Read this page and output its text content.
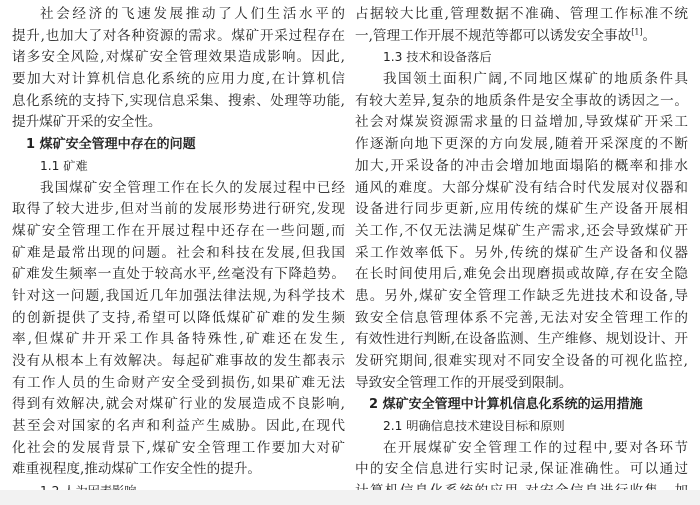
社会经济的飞速发展推动了人们生活水平的
提升,也加大了对各种资源的需求。煤矿开采过程存在
诸多安全风险,对煤矿安全管理效果造成影响。因此,
要加大对计算机信息化系统的应用力度,在计算机信
息化系统的支持下,实现信息采集、搜索、处理等功能,
提升煤矿开采的安全性。
1 煤矿安全管理中存在的问题
1.1 矿难
我国煤矿安全管理工作在长久的发展过程中已经
取得了较大进步,但对当前的发展形势进行研究,发现
煤矿安全管理工作在开展过程中还存在一些问题,而
矿难是最常出现的问题。社会和科技在发展,但我国
矿难发生频率一直处于较高水平,丝毫没有下降趋势。
针对这一问题,我国近几年加强法律法规,为科学技术
的创新提供了支持,希望可以降低煤矿矿难的发生频
率,但煤矿井开采工作具备特殊性,矿难还在发生,
没有从根本上有效解决。每起矿难事故的发生都表示
有工作人员的生命财产安全受到损伤,如果矿难无法
得到有效解决,就会对煤矿行业的发展造成不良影响,
甚至会对国家的名声和利益产生威胁。因此,在现代
化社会的发展背景下,煤矿安全管理工作要加大对矿
难重视程度,推动煤矿工作安全性的提升。
占据较大比重,管理数据不准确、管理工作标准不统
一,管理工作开展不规范等都可以诱发安全事故[1]。
1.3 技术和设备落后
我国领土面积广阔,不同地区煤矿的地质条件具
有较大差异,复杂的地质条件是安全事故的诱因之一。
社会对煤炭资源需求量的日益增加,导致煤矿开采工
作逐渐向地下更深的方向发展,随着开采深度的不断
加大,开采设备的冲击会增加地面塌陷的概率和排水
通风的难度。大部分煤矿没有结合时代发展对仪器和
设备进行同步更新,应用传统的煤矿生产设备开展相
关工作,不仅无法满足煤矿生产需求,还会导致煤矿开
采工作效率低下。另外,传统的煤矿生产设备和仪器
在长时间使用后,难免会出现磨损或故障,存在安全隐
患。另外,煤矿安全管理工作缺乏先进技术和设备,导
致安全信息管理体系不完善,无法对安全管理工作的
有效性进行判断,在设备监测、生产维修、规划设计、开
发研究期间,很难实现对不同安全设备的可视化监控,
导致安全管理工作的开展受到限制。
2 煤矿安全管理中计算机信息化系统的运用措施
2.1 明确信息技术建设目标和原则
在开展煤矿安全管理工作的过程中,要对各环节
中的安全信息进行实时记录,保证准确性。可以通过
